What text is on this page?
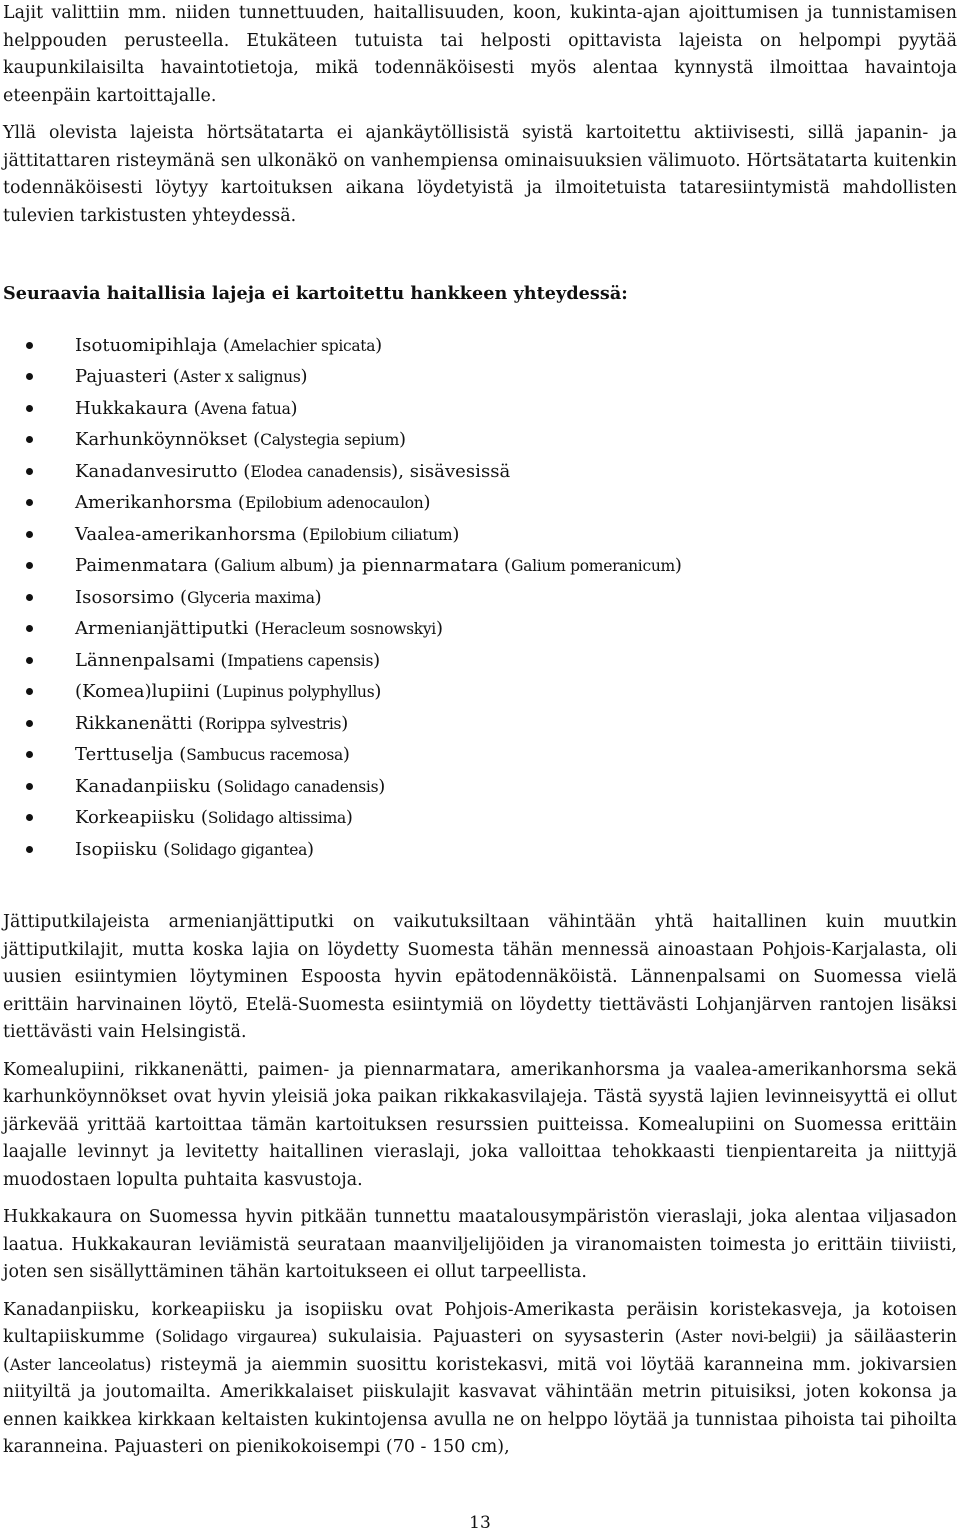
Lajit valittiin mm. niiden tunnettuuden, haitallisuuden, koon, kukinta-ajan ajoittumisen ja tunnistamisen helppouden perusteella. Etukäteen tutuista tai helposti opittavista lajeista on helpompi pyytää kaupunkilaisilta havaintotietoja, mikä todennäköisesti myös alentaa kynnystä ilmoittaa havaintoja eteenpäin kartoittajalle.

Yllä olevista lajeista hörtsätatarta ei ajankäytöllisistä syistä kartoitettu aktiivisesti, sillä japanin- ja jättitattaren risteymänä sen ulkonäkö on vanhempiensa ominaisuuksien välimuoto. Hörtsätatarta kuitenkin todennäköisesti löytyy kartoituksen aikana löydetyistä ja ilmoitetuista tataresiintymistä mahdollisten tulevien tarkistusten yhteydessä.

Seuraavia haitallisia lajeja ei kartoitettu hankkeen yhteydessä:

Isotuomipihlaja (Amelachier spicata)
Pajuasteri (Aster x salignus)
Hukkakaura (Avena fatua)
Karhunköynnökset (Calystegia sepium)
Kanadanvesirutto (Elodea canadensis), sisävesissä
Amerikanhorsma (Epilobium adenocaulon)
Vaalea-amerikanhorsma (Epilobium ciliatum)
Paimenmatara (Galium album) ja piennarmatara (Galium pomeranicum)
Isosorsimo (Glyceria maxima)
Armenianjättiputki (Heracleum sosnowskyi)
Lännenpalsami (Impatiens capensis)
(Komea)lupiini (Lupinus polyphyllus)
Rikkanenätti (Rorippa sylvestris)
Terttuselja (Sambucus racemosa)
Kanadanpiisku (Solidago canadensis)
Korkeapiisku (Solidago altissima)
Isopiisku (Solidago gigantea)

Jättiputkilajeista armenianjättiputki on vaikutuksiltaan vähintään yhtä haitallinen kuin muutkin jättiputkilajit, mutta koska lajia on löydetty Suomesta tähän mennessä ainoastaan Pohjois-Karjalasta, oli uusien esiintymien löytyminen Espoosta hyvin epätodennäköistä. Lännenpalsami on Suomessa vielä erittäin harvinainen löytö, Etelä-Suomesta esiintymiä on löydetty tiettävästi Lohjanjärven rantojen lisäksi tiettävästi vain Helsingistä.

Komealupiini, rikkanenätti, paimen- ja piennarmatara, amerikanhorsma ja vaalea-amerikanhorsma sekä karhunköynnökset ovat hyvin yleisiä joka paikan rikkakasvilajeja. Tästä syystä lajien levinneisyyttä ei ollut järkevää yrittää kartoittaa tämän kartoituksen resurssien puitteissa. Komealupiini on Suomessa erittäin laajalle levinnyt ja levitetty haitallinen vieraslaji, joka valloittaa tehokkaasti tienpientareita ja niittyjä muodostaen lopulta puhtaita kasvustoja.

Hukkakaura on Suomessa hyvin pitkään tunnettu maatalousympäristön vieraslaji, joka alentaa viljasadon laatua. Hukkakauran leviämistä seurataan maanviljelijöiden ja viranomaisten toimesta jo erittäin tiiviisti, joten sen sisällyttäminen tähän kartoitukseen ei ollut tarpeellista.

Kanadanpiisku, korkeapiisku ja isopiisku ovat Pohjois-Amerikasta peräisin koristekasveja, ja kotoisen kultapiiskumme (Solidago virgaurea) sukulaisia. Pajuasteri on syysasterin (Aster novi-belgii) ja säiläasterin (Aster lanceolatus) risteymä ja aiemmin suosittu koristekasvi, mitä voi löytää karanneina mm. jokivarsien niityiltä ja joutomailta. Amerikkalaiset piiskulajit kasvavat vähintään metrin pituisiksi, joten kokonsa ja ennen kaikkea kirkkaan keltaisten kukintojensa avulla ne on helppo löytää ja tunnistaa pihoista tai pihoilta karanneina. Pajuasteri on pienikokoisempi (70 - 150 cm),

13
